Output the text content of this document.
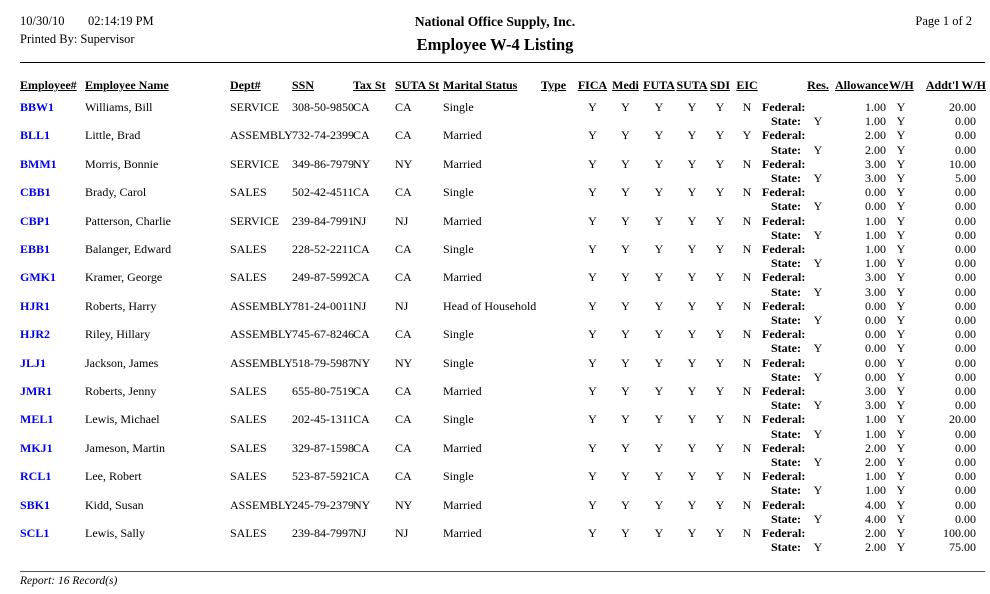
10/30/10 02:14:19 PM
Printed By: Supervisor
National Office Supply, Inc.
Employee W-4 Listing
Page 1 of 2
Employee#	Employee Name	Dept#	SSN	Tax St	SUTA St	Marital Status	Type	FICA	Medi	FUTA	SUTA	SDI	EIC		Res.	Allowance	W/H	Addt'l W/H
BBW1	Williams, Bill	SERVICE	308-50-9850	CA	CA	Single		Y	Y	Y	Y	Y	N	Federal:		1.00	Y	20.00
														State:	Y	1.00	Y	0.00
BLL1	Little, Brad	ASSEMBLY	732-74-2399	CA	CA	Married		Y	Y	Y	Y	Y	Y	Federal:		2.00	Y	0.00
														State:	Y	2.00	Y	0.00
BMM1	Morris, Bonnie	SERVICE	349-86-7979	NY	NY	Married		Y	Y	Y	Y	Y	N	Federal:		3.00	Y	10.00
														State:	Y	3.00	Y	5.00
CBB1	Brady, Carol	SALES	502-42-4511	CA	CA	Single		Y	Y	Y	Y	Y	N	Federal:		0.00	Y	0.00
														State:	Y	0.00	Y	0.00
CBP1	Patterson, Charlie	SERVICE	239-84-7991	NJ	NJ	Married		Y	Y	Y	Y	Y	N	Federal:		1.00	Y	0.00
														State:	Y	1.00	Y	0.00
EBB1	Balanger, Edward	SALES	228-52-2211	CA	CA	Single		Y	Y	Y	Y	Y	N	Federal:		1.00	Y	0.00
														State:	Y	1.00	Y	0.00
GMK1	Kramer, George	SALES	249-87-5992	CA	CA	Married		Y	Y	Y	Y	Y	N	Federal:		3.00	Y	0.00
														State:	Y	3.00	Y	0.00
HJR1	Roberts, Harry	ASSEMBLY	781-24-0011	NJ	NJ	Head of Household		Y	Y	Y	Y	Y	N	Federal:		0.00	Y	0.00
														State:	Y	0.00	Y	0.00
HJR2	Riley, Hillary	ASSEMBLY	745-67-8246	CA	CA	Single		Y	Y	Y	Y	Y	N	Federal:		0.00	Y	0.00
														State:	Y	0.00	Y	0.00
JLJ1	Jackson, James	ASSEMBLY	518-79-5987	NY	NY	Single		Y	Y	Y	Y	Y	N	Federal:		0.00	Y	0.00
														State:	Y	0.00	Y	0.00
JMR1	Roberts, Jenny	SALES	655-80-7519	CA	CA	Married		Y	Y	Y	Y	Y	N	Federal:		3.00	Y	0.00
														State:	Y	3.00	Y	0.00
MEL1	Lewis, Michael	SALES	202-45-1311	CA	CA	Single		Y	Y	Y	Y	Y	N	Federal:		1.00	Y	20.00
														State:	Y	1.00	Y	0.00
MKJ1	Jameson, Martin	SALES	329-87-1598	CA	CA	Married		Y	Y	Y	Y	Y	N	Federal:		2.00	Y	0.00
														State:	Y	2.00	Y	0.00
RCL1	Lee, Robert	SALES	523-87-5921	CA	CA	Single		Y	Y	Y	Y	Y	N	Federal:		1.00	Y	0.00
														State:	Y	1.00	Y	0.00
SBK1	Kidd, Susan	ASSEMBLY	245-79-2379	NY	NY	Married		Y	Y	Y	Y	Y	N	Federal:		4.00	Y	0.00
														State:	Y	4.00	Y	0.00
SCL1	Lewis, Sally	SALES	239-84-7997	NJ	NJ	Married		Y	Y	Y	Y	Y	N	Federal:		2.00	Y	100.00
														State:	Y	2.00	Y	75.00
Report: 16 Record(s)
